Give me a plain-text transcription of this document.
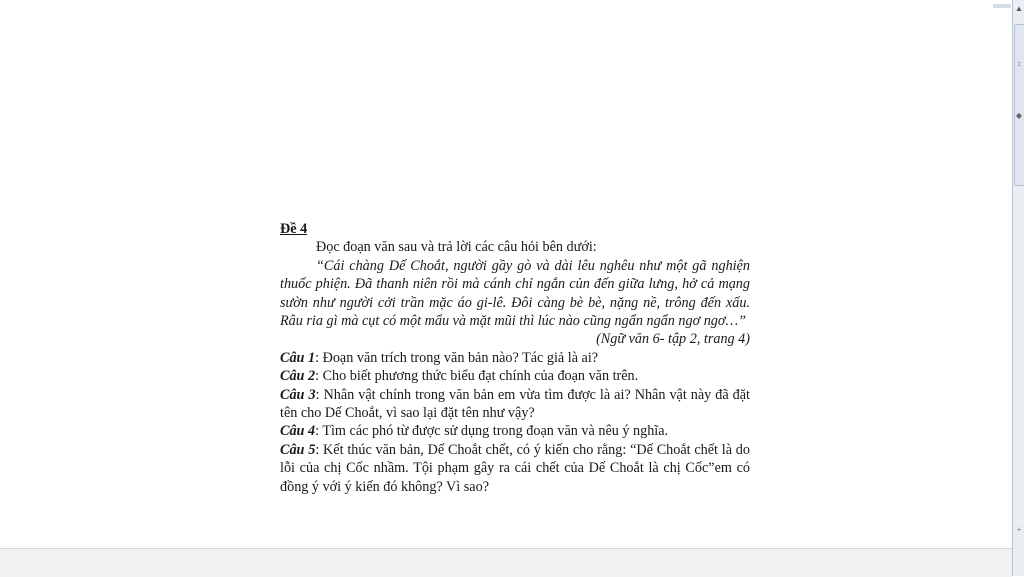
▲
↕
◆
+

Đề 4

Đọc đoạn văn sau và trả lời các câu hỏi bên dưới:

“Cái chàng Dế Choắt, người gầy gò và dài lêu nghêu như một gã nghiện thuốc phiện. Đã thanh niên rồi mà cánh chỉ ngắn củn đến giữa lưng, hở cả mạng sườn như người cởi trần mặc áo gi-lê. Đôi càng bè bè, nặng nề, trông đến xấu. Râu ria gì mà cụt có một mẩu và mặt mũi thì lúc nào cũng ngẩn ngẩn ngơ ngơ…”

(Ngữ văn 6- tập 2, trang 4)

Câu 1: Đoạn văn trích trong văn bản nào? Tác giả là ai?

Câu 2: Cho biết phương thức biểu đạt chính của đoạn văn trên.

Câu 3: Nhân vật chính trong văn bản em vừa tìm được là ai? Nhân vật này đã đặt tên cho Dế Choắt, vì sao lại đặt tên như vậy?

Câu 4: Tìm các phó từ được sử dụng trong đoạn văn và nêu ý nghĩa.

Câu 5: Kết thúc văn bản, Dế Choắt chết, có ý kiến cho rằng: “Dế Choắt chết là do lỗi của chị Cốc nhầm. Tội phạm gây ra cái chết của Dế Choắt là chị Cốc”em có đồng ý với ý kiến đó không? Vì sao?
